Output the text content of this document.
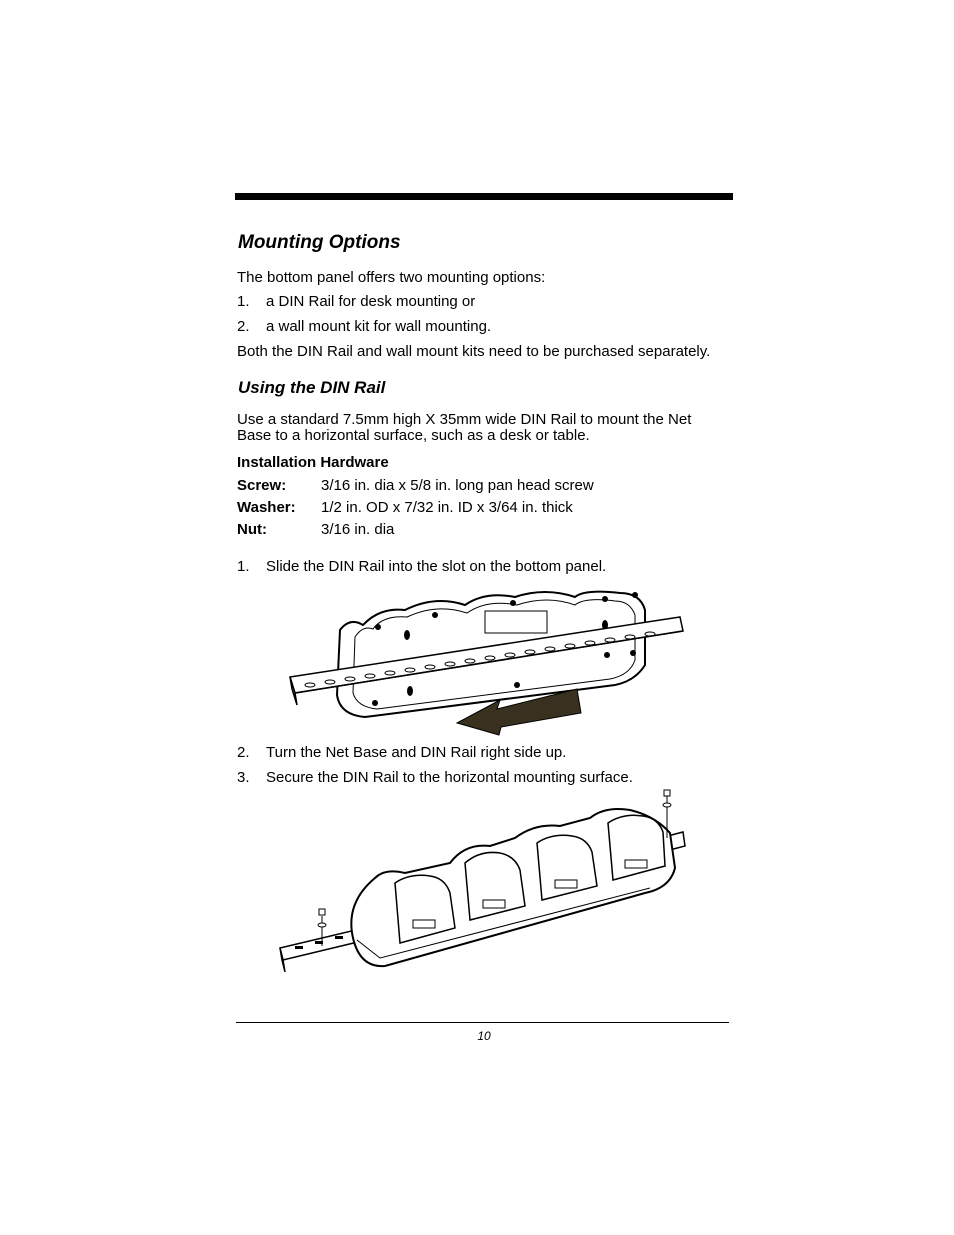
Mounting Options

The bottom panel offers two mounting options:

1. a DIN Rail for desk mounting or
2. a wall mount kit for wall mounting.

Both the DIN Rail and wall mount kits need to be purchased separately.

Using the DIN Rail

Use a standard 7.5mm high X 35mm wide DIN Rail to mount the Net

Base to a horizontal surface, such as a desk or table.

Installation Hardware
Screw: 3/16 in. dia x 5/8 in. long pan head screw
Washer: 1/2 in. OD x 7/32 in. ID x 3/64 in. thick
Nut:	3/16 in. dia
1. Slide the DIN Rail into the slot on the bottom panel.
2. Turn the Net Base and DIN Rail right side up.
3. Secure the DIN Rail to the horizontal mounting surface.
10
